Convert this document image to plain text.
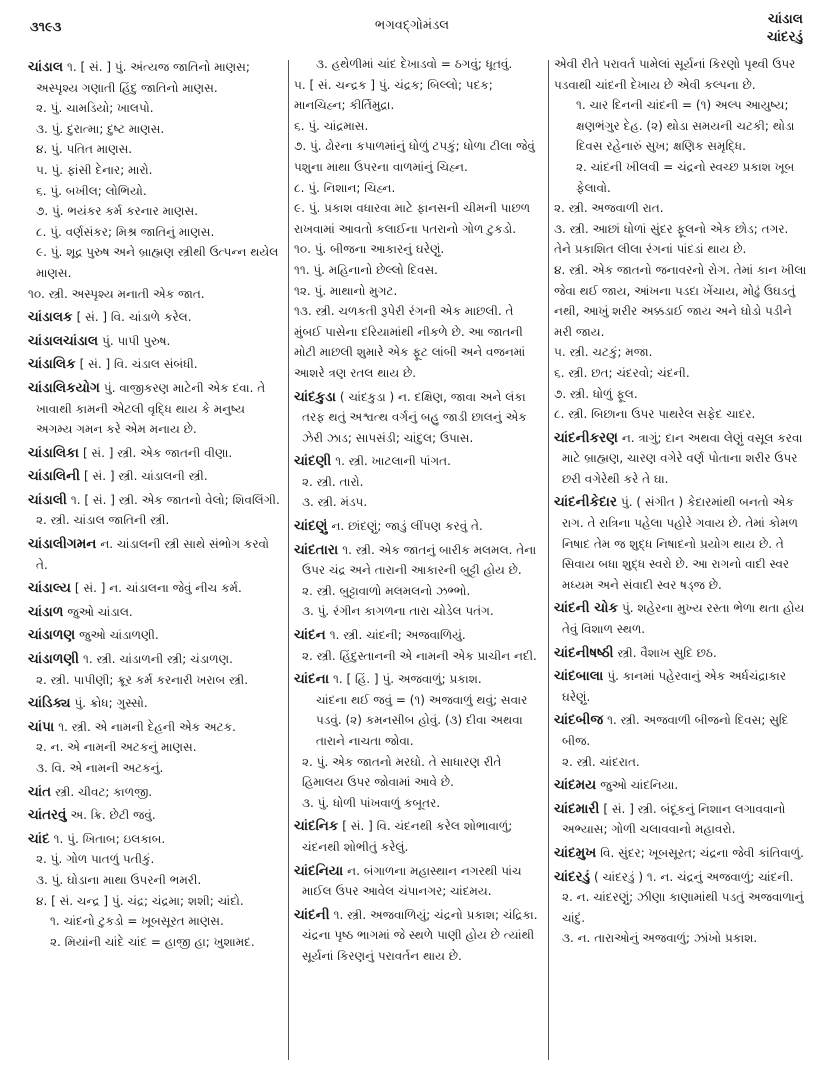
૩૧૯૩	ભગવદ્ગોમંડલ	ચાંડાલ
ચાંદરડું
ચાંડાલ ૧. [ સં. ] પું. અંત્યજ જાતિનો માણસ; અસ્પૃશ્ય ગણાતી હિંદુ જાતિનો માણસ.
૨. પું. ચામડિયો; ખાલપો.
૩. પું. દુરાત્મા; દુષ્ટ માણસ.
૪. પું. પતિત માણસ.
૫. પું. ફાંસી દેનાર; મારો.
૬. પું. બખીલ; લોભિયો.
૭. પું. ભયંકર કર્મ કરનાર માણસ.
૮. પું. વર્ણસંકર; મિશ્ર જાતિનું માણસ.
૯. પું. શૂદ્ર પુરુષ અને બ્રાહ્મણ સ્ત્રીથી ઉત્પન્ન થયેલ માણસ.
૧૦. સ્ત્રી. અસ્પૃશ્ય મનાતી એક જાત.
ચાંડાલક [ સં. ] વિ. ચાંડાળે કરેલ.
ચાંડાલચાંડાલ પું. પાપી પુરુષ.
ચાંડાલિક [ સં. ] વિ. ચંડાલ સંબંધી.
ચાંડાલિકયોગ પું. વાજીકરણ માટેની એક દવા. તે ખાવાથી કામની એટલી વૃદ્ધિ થાય કે મનુષ્ય અગમ્ય ગમન કરે એમ મનાય છે.
ચાંડાલિકા [ સં. ] સ્ત્રી. એક જાતની વીણા.
ચાંડાલિની [ સં. ] સ્ત્રી. ચાંડાલની સ્ત્રી.
ચાંડાલી ૧. [ સં. ] સ્ત્રી. એક જાતનો વેલો; શિવલિંગી.
૨. સ્ત્રી. ચાંડાલ જાતિની સ્ત્રી.
ચાંડાલીગમન ન. ચાંડાલની સ્ત્રી સાથે સંભોગ કરવો તે.
ચાંડાલ્ય [ સં. ] ન. ચાંડાલના જેવું નીચ કર્મ.
ચાંડાળ જુઓ ચાંડાલ.
ચાંડાળણ જુઓ ચાંડાળણી.
ચાંડાળણી ૧. સ્ત્રી. ચાંડાળની સ્ત્રી; ચંડાળણ.
૨. સ્ત્રી. પાપીણી; ક્રૂર કર્મ કરનારી ખરાબ સ્ત્રી.
ચાંડિક્ય પું. ક્રોધ; ગુસ્સો.
ચાંપા ૧. સ્ત્રી. એ નામની દેહની એક અટક.
૨. ન. એ નામની અટકનું માણસ.
૩. વિ. એ નામની અટકનું.
ચાંત સ્ત્રી. ચીવટ; કાળજી.
ચાંતરવું અ. ક્રિ. છેટી જવું.
ચાંદ ૧. પું. ખિતાબ; ઇલકાબ.
૨. પું. ગોળ પાતળું પતીકું.
૩. પું. ઘોડાના માથા ઉપરની ભમરી.
૪. [ સં. ચન્દ્ર ] પું. ચંદ્ર; ચંદ્રમા; શશી; ચાંદો.
૧. ચાંદનો ટુકડો = ખૂબસૂરત માણસ.
૨. મિયાંની ચાંદે ચાંદ = હાજી હા; ખુશામદ.
૩. હથેળીમાં ચાંદ દેખાડવો = ઠગવું; ધૂતવું.
૫. [ સં. ચન્દ્રક ] પું. ચંદ્રક; બિલ્લો; પદક; માનચિહ્ન; કીર્તિમુદ્રા.
૬. પું. ચાંદ્રમાસ.
૭. પું. ઢોરના કપાળમાંનું ધોળું ટપકું; ધોળા ટીલા જેવું પશુના માથા ઉપરના વાળમાંનું ચિહ્ન.
૮. પું. નિશાન; ચિહ્ન.
૯. પું. પ્રકાશ વધારવા માટે ફાનસની ચીમની પાછળ રાખવામાં આવતો કલાઈના પતરાનો ગોળ ટુકડો.
૧૦. પું. બીજના આકારનું ઘરેણું.
૧૧. પું. મહિનાનો છેલ્લો દિવસ.
૧૨. પું. માથાનો મુગટ.
૧૩. સ્ત્રી. ચળકતી રૂપેરી રંગની એક માછલી. તે મુંબઈ પાસેના દરિયામાંથી નીકળે છે. આ જાતની મોટી માછલી શુમારે એક ફૂટ લાંબી અને વજનમાં આશરે ત્રણ રતલ થાય છે.
ચાંદકુડા ( ચાંદકુડા ) ન. દક્ષિણ, જાવા અને લંકા તરફ થતું અશ્વત્થ વર્ગનું બહુ જાડી છાલનું એક ઝેરી ઝાડ; સાપસંડી; ચાંદુલ; ઉપાસ.
ચાંદણી ૧. સ્ત્રી. ખાટલાની પાંગત.
૨. સ્ત્રી. તારો.
૩. સ્ત્રી. મંડપ.
ચાંદણું ન. છાંદણું; જાડું લીંપણ કરવું તે.
ચાંદતારા ૧. સ્ત્રી. એક જાતનું બારીક મલમલ. તેના ઉપર ચંદ્ર અને તારાની આકારની બુટ્ટી હોય છે.
૨. સ્ત્રી. બુટ્ટાવાળો મલમલનો ઝભ્ભો.
૩. પું. રંગીન કાગળના તારા ચોડેલ પતંગ.
ચાંદન ૧. સ્ત્રી. ચાંદની; અજવાળિયું.
૨. સ્ત્રી. હિંદુસ્તાનની એ નામની એક પ્રાચીન નદી.
ચાંદના ૧. [ હિં. ] પું. અજવાળું; પ્રકાશ.
ચાંદના થઈ જવું = (૧) અજવાળું થવું; સવાર પડવું. (૨) કમનસીબ હોવું. (૩) દીવા અથવા તારાને નાચતા જોવા.
૨. પું. એક જાતનો મરઘો. તે સાધારણ રીતે હિમાલય ઉપર જોવામાં આવે છે.
૩. પું. ધોળી પાંખવાળું કબૂતર.
ચાંદનિક [ સં. ] વિ. ચંદનથી કરેલ શોભાવાળું; ચંદનથી શોભીતું કરેલું.
ચાંદનિયા ન. બંગાળના મહાસ્થાન નગરથી પાંચ માઈલ ઉપર આવેલ ચંપાનગર; ચાંદમય.
ચાંદની ૧. સ્ત્રી. અજવાળિયું; ચંદ્રનો પ્રકાશ; ચંદ્રિકા. ચંદ્રના પૃષ્ઠ ભાગમાં જે સ્થળે પાણી હોય છે ત્યાંથી સૂર્યનાં કિરણનું પરાવર્તન થાય છે.
એવી રીતે પરાવર્ત પામેલાં સૂર્યનાં કિરણો પૃથ્વી ઉપર પડવાથી ચાંદની દેખાય છે એવી કલ્પના છે.
૧. ચાર દિનની ચાંદની = (૧) અલ્પ આયુષ્ય; ક્ષણભંગુર દેહ. (૨) થોડા સમયની ચટકી; થોડા દિવસ રહેનારું સુખ; ક્ષણિક સમૃદ્ધિ.
૨. ચાંદની ખીલવી = ચંદ્રનો સ્વચ્છ પ્રકાશ ખૂબ ફેલાવો.
૨. સ્ત્રી. અજવાળી રાત.
૩. સ્ત્રી. આછાં ધોળાં સુંદર ફૂલનો એક છોડ; તગર. તેને પ્રકાશિત લીલા રંગનાં પાંદડાં થાય છે.
૪. સ્ત્રી. એક જાતનો જનાવરનો રોગ. તેમાં કાન ખીલા જેવા થઈ જાય, આંખના પડદા ખેંચાય, મોઢું ઉઘડતું નથી, આખું શરીર અક્કડાઈ જાય અને ઘોડો પડીને મરી જાય.
૫. સ્ત્રી. ચટકું; મજા.
૬. સ્ત્રી. છત; ચંદરવો; ચંદની.
૭. સ્ત્રી. ધોળું ફૂલ.
૮. સ્ત્રી. બિછાના ઉપર પાથરેલ સફેદ ચાદર.
ચાંદનીકરણ ન. ત્રાગું; દાન અથવા લેણું વસૂલ કરવા માટે બ્રાહ્મણ, ચારણ વગેરે વર્ણ પોતાના શરીર ઉપર છરી વગેરેથી કરે તે ઘા.
ચાંદનીકેદાર પું. ( સંગીત ) કેદારમાંથી બનતો એક રાગ. તે રાત્રિના પહેલા પહોરે ગવાય છે. તેમાં કોમળ નિષાદ તેમ જ શુદ્ધ નિષાદનો પ્રયોગ થાય છે. તે સિવાય બધા શુદ્ધ સ્વરો છે. આ રાગનો વાદી સ્વર મધ્યમ અને સંવાદી સ્વર ષડ્જ છે.
ચાંદની ચોક પું. શહેરના મુખ્ય રસ્તા ભેળા થતા હોય તેવું વિશાળ સ્થળ.
ચાંદનીષષ્ઠી સ્ત્રી. વૈશાખ સુદિ છઠ.
ચાંદબાલા પું. કાનમાં પહેરવાનું એક અર્ધચંદ્રાકાર ઘરેણું.
ચાંદબીજ ૧. સ્ત્રી. અજવાળી બીજનો દિવસ; સુદિ બીજ.
૨. સ્ત્રી. ચાંદરાત.
ચાંદમય જુઓ ચાંદનિયા.
ચાંદમારી [ સં. ] સ્ત્રી. બંદૂકનું નિશાન લગાવવાનો અભ્યાસ; ગોળી ચલાવવાનો મહાવરો.
ચાંદમુખ વિ. સુંદર; ખૂબસૂરત; ચંદ્રના જેવી કાંતિવાળું.
ચાંદરડું ( ચાંદરડું ) ૧. ન. ચંદ્રનું અજવાળું; ચાંદની.
૨. ન. ચાંદરણું; ઝીણા કાણામાંથી પડતું અજવાળાનું ચાંદું.
૩. ન. તારાઓનું અજવાળું; ઝાંખો પ્રકાશ.
